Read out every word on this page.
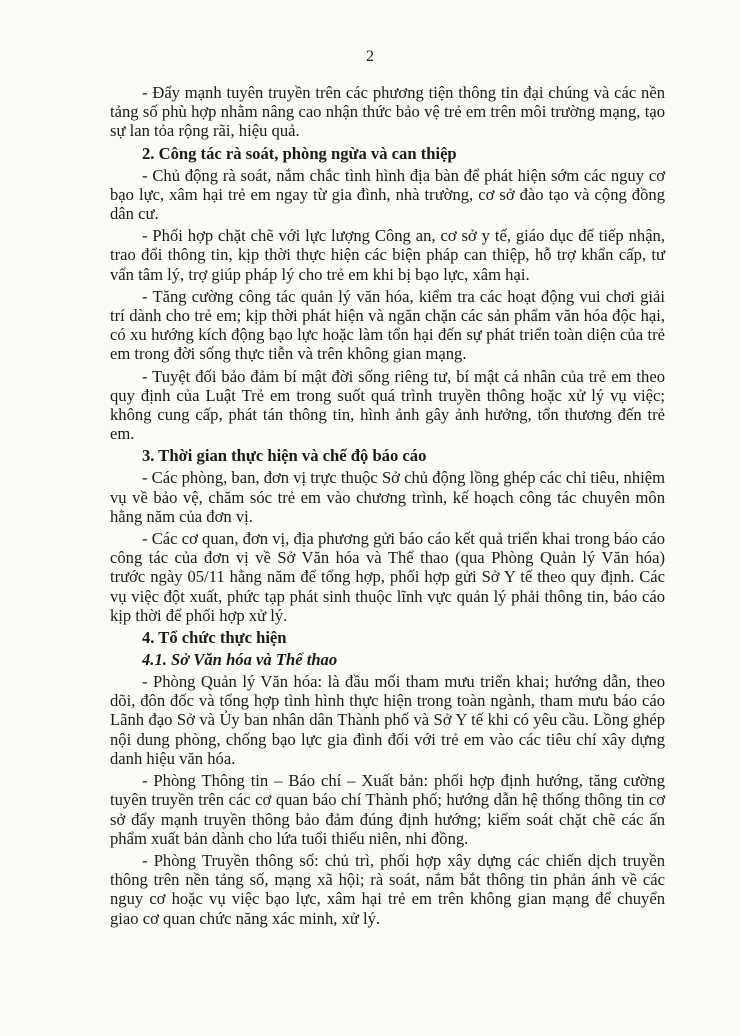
2

- Đẩy mạnh tuyên truyền trên các phương tiện thông tin đại chúng và các nền tảng số phù hợp nhằm nâng cao nhận thức bảo vệ trẻ em trên môi trường mạng, tạo sự lan tỏa rộng rãi, hiệu quả.

2. Công tác rà soát, phòng ngừa và can thiệp

- Chủ động rà soát, nắm chắc tình hình địa bàn để phát hiện sớm các nguy cơ bạo lực, xâm hại trẻ em ngay từ gia đình, nhà trường, cơ sở đào tạo và cộng đồng dân cư.

- Phối hợp chặt chẽ với lực lượng Công an, cơ sở y tế, giáo dục để tiếp nhận, trao đổi thông tin, kịp thời thực hiện các biện pháp can thiệp, hỗ trợ khẩn cấp, tư vấn tâm lý, trợ giúp pháp lý cho trẻ em khi bị bạo lực, xâm hại.

- Tăng cường công tác quản lý văn hóa, kiểm tra các hoạt động vui chơi giải trí dành cho trẻ em; kịp thời phát hiện và ngăn chặn các sản phẩm văn hóa độc hại, có xu hướng kích động bạo lực hoặc làm tổn hại đến sự phát triển toàn diện của trẻ em trong đời sống thực tiễn và trên không gian mạng.

- Tuyệt đối bảo đảm bí mật đời sống riêng tư, bí mật cá nhân của trẻ em theo quy định của Luật Trẻ em trong suốt quá trình truyền thông hoặc xử lý vụ việc; không cung cấp, phát tán thông tin, hình ảnh gây ảnh hưởng, tổn thương đến trẻ em.

3. Thời gian thực hiện và chế độ báo cáo

- Các phòng, ban, đơn vị trực thuộc Sở chủ động lồng ghép các chỉ tiêu, nhiệm vụ về bảo vệ, chăm sóc trẻ em vào chương trình, kế hoạch công tác chuyên môn hằng năm của đơn vị.

- Các cơ quan, đơn vị, địa phương gửi báo cáo kết quả triển khai trong báo cáo công tác của đơn vị về Sở Văn hóa và Thể thao (qua Phòng Quản lý Văn hóa) trước ngày 05/11 hằng năm để tổng hợp, phối hợp gửi Sở Y tế theo quy định. Các vụ việc đột xuất, phức tạp phát sinh thuộc lĩnh vực quản lý phải thông tin, báo cáo kịp thời để phối hợp xử lý.

4. Tổ chức thực hiện
4.1. Sở Văn hóa và Thể thao

- Phòng Quản lý Văn hóa: là đầu mối tham mưu triển khai; hướng dẫn, theo dõi, đôn đốc và tổng hợp tình hình thực hiện trong toàn ngành, tham mưu báo cáo Lãnh đạo Sở và Ủy ban nhân dân Thành phố và Sở Y tế khi có yêu cầu. Lồng ghép nội dung phòng, chống bạo lực gia đình đối với trẻ em vào các tiêu chí xây dựng danh hiệu văn hóa.

- Phòng Thông tin – Báo chí – Xuất bản: phối hợp định hướng, tăng cường tuyên truyền trên các cơ quan báo chí Thành phố; hướng dẫn hệ thống thông tin cơ sở đẩy mạnh truyền thông bảo đảm đúng định hướng; kiểm soát chặt chẽ các ấn phẩm xuất bản dành cho lứa tuổi thiếu niên, nhi đồng.

- Phòng Truyền thông số: chủ trì, phối hợp xây dựng các chiến dịch truyền thông trên nền tảng số, mạng xã hội; rà soát, nắm bắt thông tin phản ánh về các nguy cơ hoặc vụ việc bạo lực, xâm hại trẻ em trên không gian mạng để chuyển giao cơ quan chức năng xác minh, xử lý.
